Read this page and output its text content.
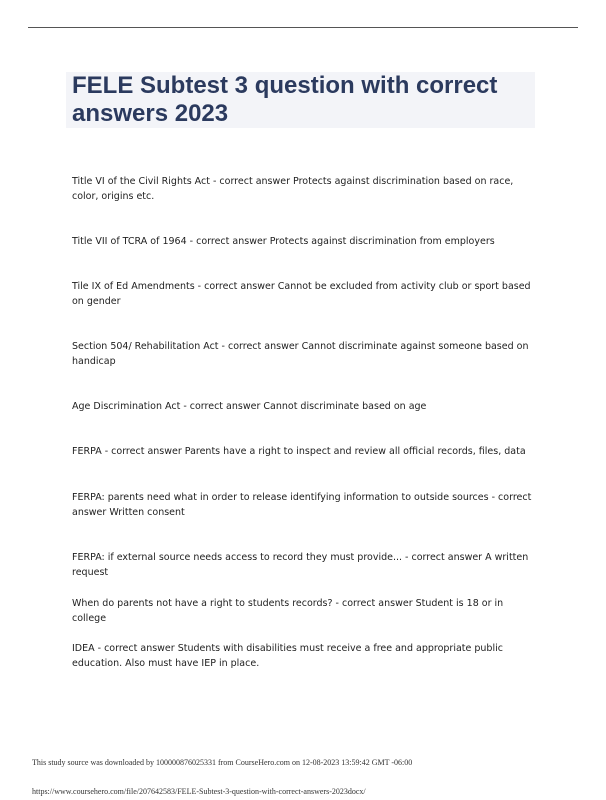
FELE Subtest 3 question with correct answers 2023

Title VI of the Civil Rights Act - correct answer Protects against discrimination based on race, color, origins etc.

Title VII of TCRA of 1964 - correct answer Protects against discrimination from employers

Tile IX of Ed Amendments - correct answer Cannot be excluded from activity club or sport based on gender

Section 504/ Rehabilitation Act - correct answer Cannot discriminate against someone based on handicap

Age Discrimination Act - correct answer Cannot discriminate based on age

FERPA - correct answer Parents have a right to inspect and review all official records, files, data

FERPA: parents need what in order to release identifying information to outside sources - correct answer Written consent

FERPA: if external source needs access to record they must provide... - correct answer A written request

When do parents not have a right to students records? - correct answer Student is 18 or in college

IDEA - correct answer Students with disabilities must receive a free and appropriate public education. Also must have IEP in place.

This study source was downloaded by 100000876025331 from CourseHero.com on 12-08-2023 13:59:42 GMT -06:00

https://www.coursehero.com/file/207642583/FELE-Subtest-3-question-with-correct-answers-2023docx/
